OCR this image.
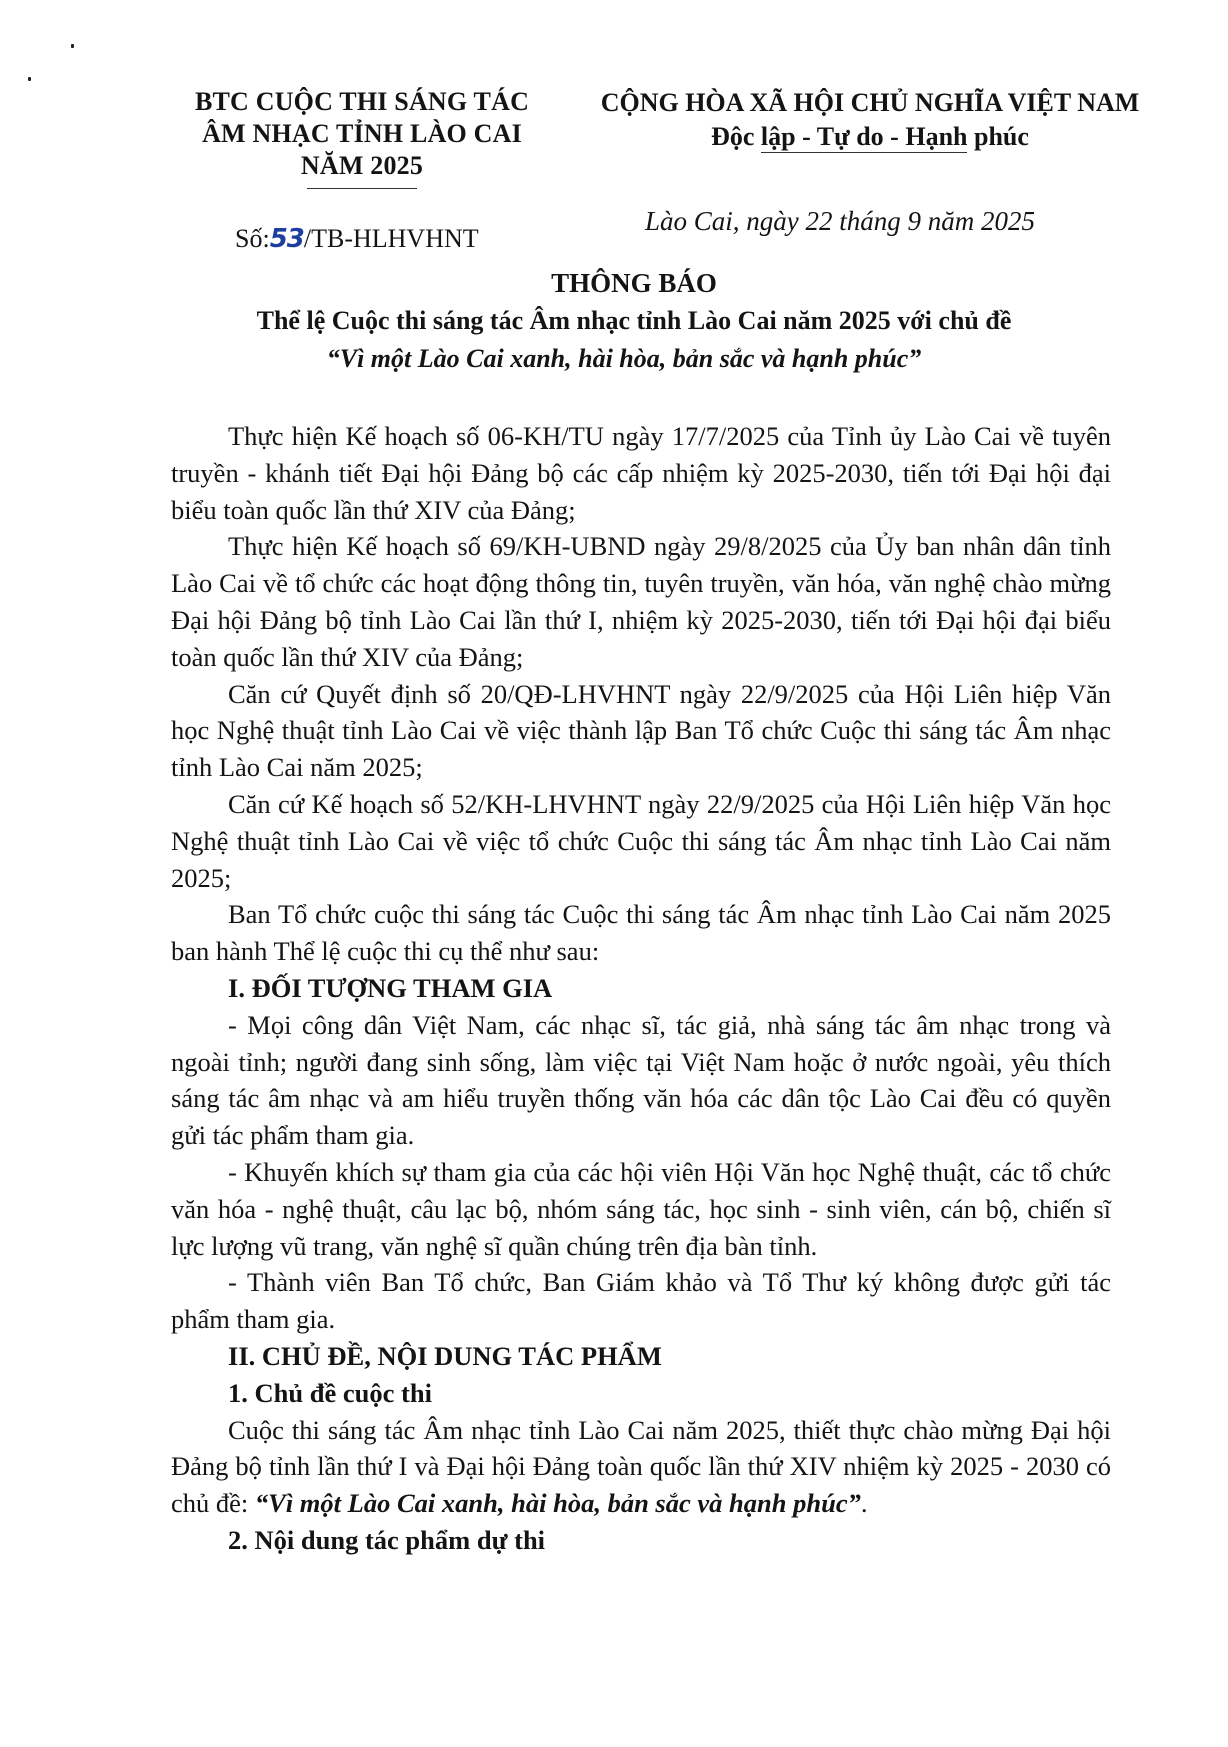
BTC CUỘC THI SÁNG TÁC
ÂM NHẠC TỈNH LÀO CAI
NĂM 2025
CỘNG HÒA XÃ HỘI CHỦ NGHĨA VIỆT NAM
Độc lập - Tự do - Hạnh phúc
Số:53/TB-HLHVHNT
Lào Cai, ngày 22 tháng 9 năm 2025
THÔNG BÁO
Thể lệ Cuộc thi sáng tác Âm nhạc tỉnh Lào Cai năm 2025 với chủ đề
“Vì một Lào Cai xanh, hài hòa, bản sắc và hạnh phúc”

Thực hiện Kế hoạch số 06-KH/TU ngày 17/7/2025 của Tỉnh ủy Lào Cai về tuyên truyền - khánh tiết Đại hội Đảng bộ các cấp nhiệm kỳ 2025-2030, tiến tới Đại hội đại biểu toàn quốc lần thứ XIV của Đảng;

Thực hiện Kế hoạch số 69/KH-UBND ngày 29/8/2025 của Ủy ban nhân dân tỉnh Lào Cai về tổ chức các hoạt động thông tin, tuyên truyền, văn hóa, văn nghệ chào mừng Đại hội Đảng bộ tỉnh Lào Cai lần thứ I, nhiệm kỳ 2025-2030, tiến tới Đại hội đại biểu toàn quốc lần thứ XIV của Đảng;

Căn cứ Quyết định số 20/QĐ-LHVHNT ngày 22/9/2025 của Hội Liên hiệp Văn học Nghệ thuật tỉnh Lào Cai về việc thành lập Ban Tổ chức Cuộc thi sáng tác Âm nhạc tỉnh Lào Cai năm 2025;

Căn cứ Kế hoạch số 52/KH-LHVHNT ngày 22/9/2025 của Hội Liên hiệp Văn học Nghệ thuật tỉnh Lào Cai về việc tổ chức Cuộc thi sáng tác Âm nhạc tỉnh Lào Cai năm 2025;

Ban Tổ chức cuộc thi sáng tác Cuộc thi sáng tác Âm nhạc tỉnh Lào Cai năm 2025 ban hành Thể lệ cuộc thi cụ thể như sau:

I. ĐỐI TƯỢNG THAM GIA

- Mọi công dân Việt Nam, các nhạc sĩ, tác giả, nhà sáng tác âm nhạc trong và ngoài tỉnh; người đang sinh sống, làm việc tại Việt Nam hoặc ở nước ngoài, yêu thích sáng tác âm nhạc và am hiểu truyền thống văn hóa các dân tộc Lào Cai đều có quyền gửi tác phẩm tham gia.

- Khuyến khích sự tham gia của các hội viên Hội Văn học Nghệ thuật, các tổ chức văn hóa - nghệ thuật, câu lạc bộ, nhóm sáng tác, học sinh - sinh viên, cán bộ, chiến sĩ lực lượng vũ trang, văn nghệ sĩ quần chúng trên địa bàn tỉnh.

- Thành viên Ban Tổ chức, Ban Giám khảo và Tổ Thư ký không được gửi tác phẩm tham gia.

II. CHỦ ĐỀ, NỘI DUNG TÁC PHẨM
1. Chủ đề cuộc thi

Cuộc thi sáng tác Âm nhạc tỉnh Lào Cai năm 2025, thiết thực chào mừng Đại hội Đảng bộ tỉnh lần thứ I và Đại hội Đảng toàn quốc lần thứ XIV nhiệm kỳ 2025 - 2030 có chủ đề: “Vì một Lào Cai xanh, hài hòa, bản sắc và hạnh phúc”.

2. Nội dung tác phẩm dự thi
